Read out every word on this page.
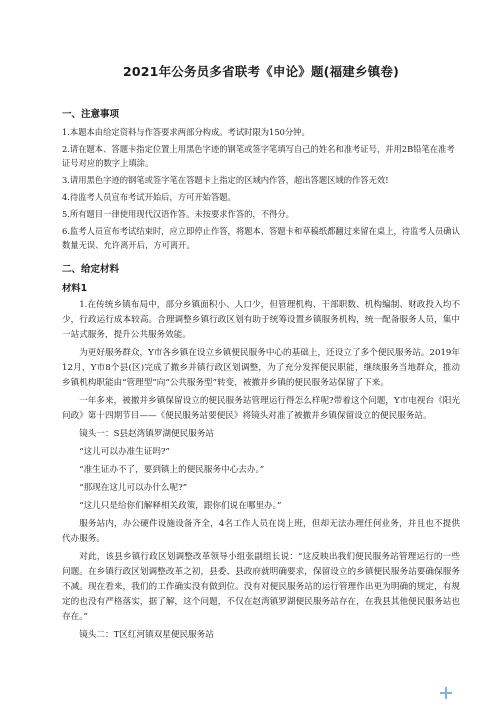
2021年公务员多省联考《申论》题(福建乡镇卷)
一、注意事项
1.本题本由给定资料与作答要求两部分构成。考试时限为150分钟。
2.请在题本、答题卡指定位置上用黑色字迹的钢笔或签字笔填写自己的姓名和准考证号，并用2B铅笔在准考证号对应的数字上填涂。
3.请用黑色字迹的钢笔或签字笔在答题卡上指定的区域内作答，超出答题区域的作答无效!
4.待监考人员宣布考试开始后，方可开始答题。
5.所有题目一律使用现代汉语作答。未按要求作答的，不得分。
6.监考人员宣布考试结束时，应立即停止作答，将题本、答题卡和草稿纸都翻过来留在桌上，待监考人员确认数量无误、允许离开后，方可离开。
二、给定材料
材料1

1.在传统乡镇布局中，部分乡镇面积小、人口少，但管理机构、干部职数、机构编制、财政投入均不少，行政运行成本较高。合理调整乡镇行政区划有助于统筹设置乡镇服务机构，统一配备服务人员，集中一站式服务，提升公共服务效能。

为更好服务群众，Y市各乡镇在设立乡镇便民服务中心的基础上，还设立了多个便民服务站。2019年12月，Y市8个县(区)完成了撤乡并镇行政区划调整，为了充分发挥便民职能，继续服务当地群众，推动乡镇机构职能由“管理型”向“公共服务型”转变，被撤并乡镇的便民服务站保留了下来。

一年多来，被撤并乡镇保留设立的便民服务站管理运行得怎么样呢?带着这个问题，Y市电视台《阳光问政》第十四期节目——《便民服务站要便民》将镜头对准了被撤并乡镇保留设立的便民服务站。

镜头一：S县赵湾镇罗湖便民服务站

“这儿可以办准生证吗?”

“准生证办不了，要到镇上的便民服务中心去办。”

“那现在这儿可以办什么呢?”

“这儿只是给你们解释相关政策，跟你们说在哪里办。”

服务站内，办公硬件设施设备齐全，4名工作人员在岗上班，但却无法办理任何业务，并且也不提供代办服务。

对此，该县乡镇行政区划调整改革领导小组张副组长说：“这反映出我们便民服务站管理运行的一些问题。在乡镇行政区划调整改革之初，县委、县政府就明确要求，保留设立的乡镇便民服务站要确保服务不减。现在看来，我们的工作确实没有做到位。没有对便民服务站的运行管理作出更为明确的规定，有规定的也没有严格落实，据了解，这个问题，不仅在赵湾镇罗湖便民服务站存在，在我县其他便民服务站也存在。”

镜头二：T区红河镇双星便民服务站
